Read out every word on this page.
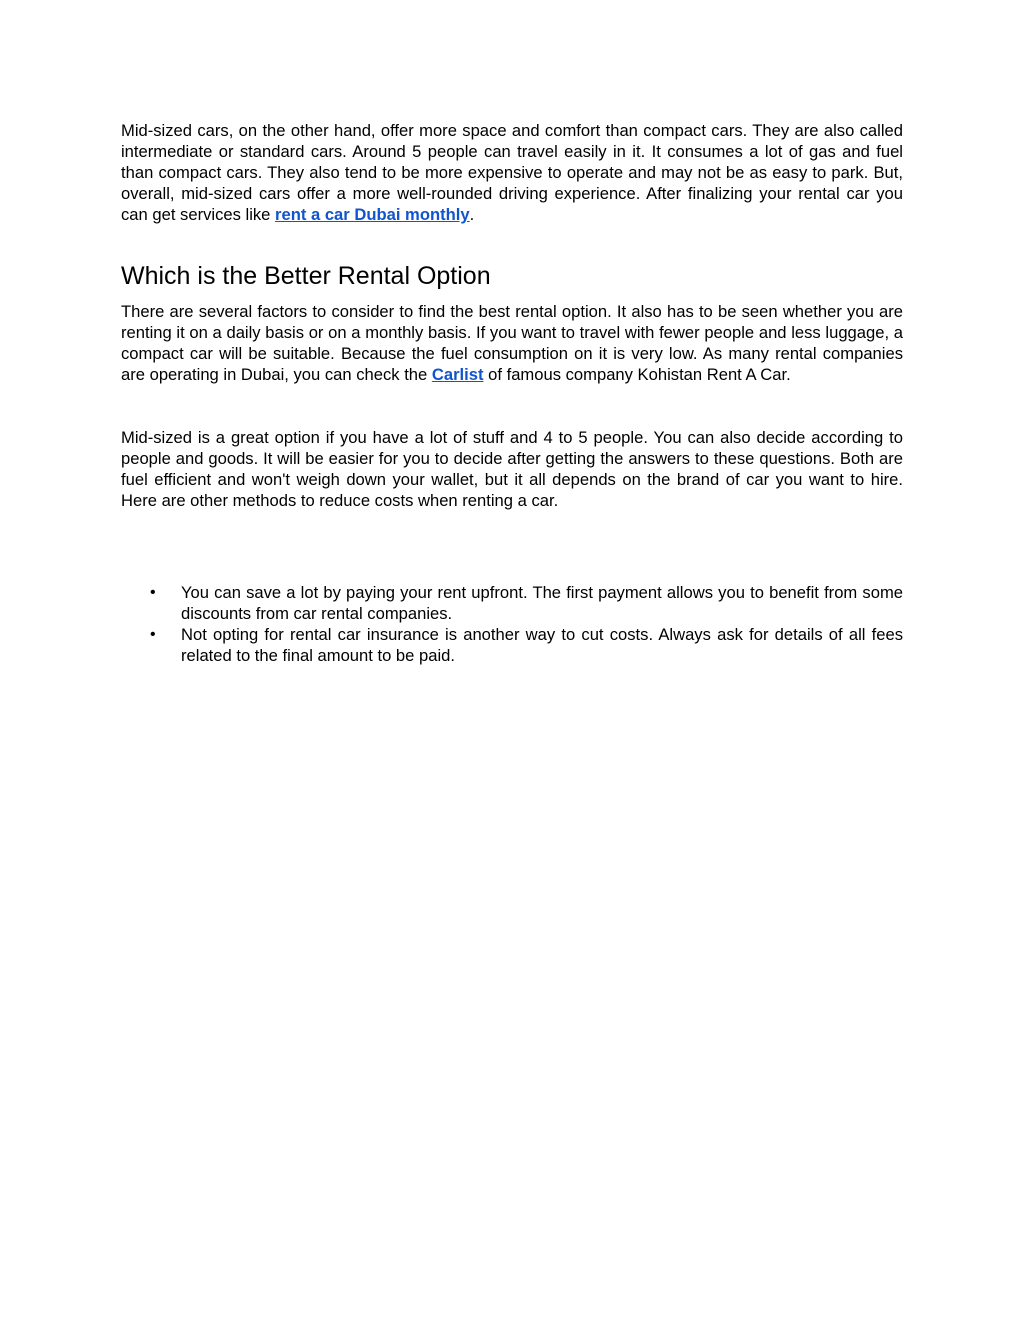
Mid-sized cars, on the other hand, offer more space and comfort than compact cars. They are also called intermediate or standard cars. Around 5 people can travel easily in it. It consumes a lot of gas and fuel than compact cars. They also tend to be more expensive to operate and may not be as easy to park. But, overall, mid-sized cars offer a more well-rounded driving experience. After finalizing your rental car you can get services like rent a car Dubai monthly.

Which is the Better Rental Option

There are several factors to consider to find the best rental option. It also has to be seen whether you are renting it on a daily basis or on a monthly basis. If you want to travel with fewer people and less luggage, a compact car will be suitable. Because the fuel consumption on it is very low. As many rental companies are operating in Dubai, you can check the Carlist of famous company Kohistan Rent A Car.

Mid-sized is a great option if you have a lot of stuff and 4 to 5 people. You can also decide according to people and goods. It will be easier for you to decide after getting the answers to these questions. Both are fuel efficient and won't weigh down your wallet, but it all depends on the brand of car you want to hire. Here are other methods to reduce costs when renting a car.

• You can save a lot by paying your rent upfront. The first payment allows you to benefit from some discounts from car rental companies.
• Not opting for rental car insurance is another way to cut costs. Always ask for details of all fees related to the final amount to be paid.
